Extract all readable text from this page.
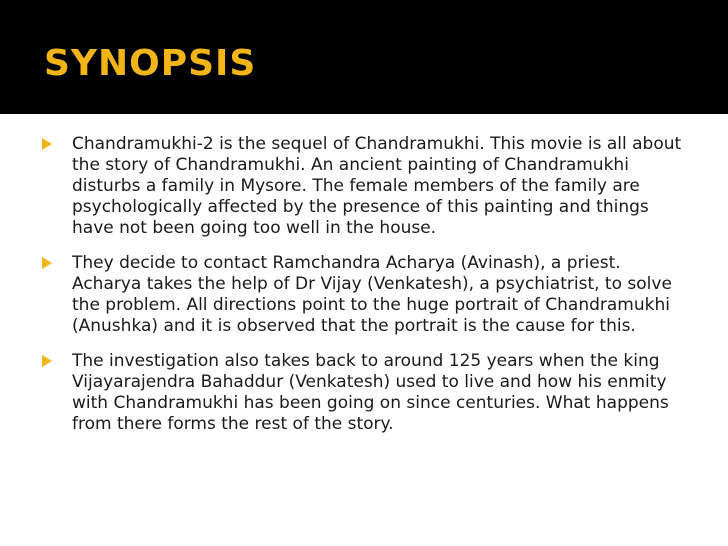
SYNOPSIS
Chandramukhi-2 is the sequel of Chandramukhi. This movie is all about the story of Chandramukhi. An ancient painting of Chandramukhi disturbs a family in Mysore. The female members of the family are psychologically affected by the presence of this painting and things have not been going too well in the house.
They decide to contact Ramchandra Acharya (Avinash), a priest. Acharya takes the help of Dr Vijay (Venkatesh), a psychiatrist, to solve the problem. All directions point to the huge portrait of Chandramukhi (Anushka) and it is observed that the portrait is the cause for this.
The investigation also takes back to around 125 years when the king Vijayarajendra Bahaddur (Venkatesh) used to live and how his enmity with Chandramukhi has been going on since centuries. What happens from there forms the rest of the story.
